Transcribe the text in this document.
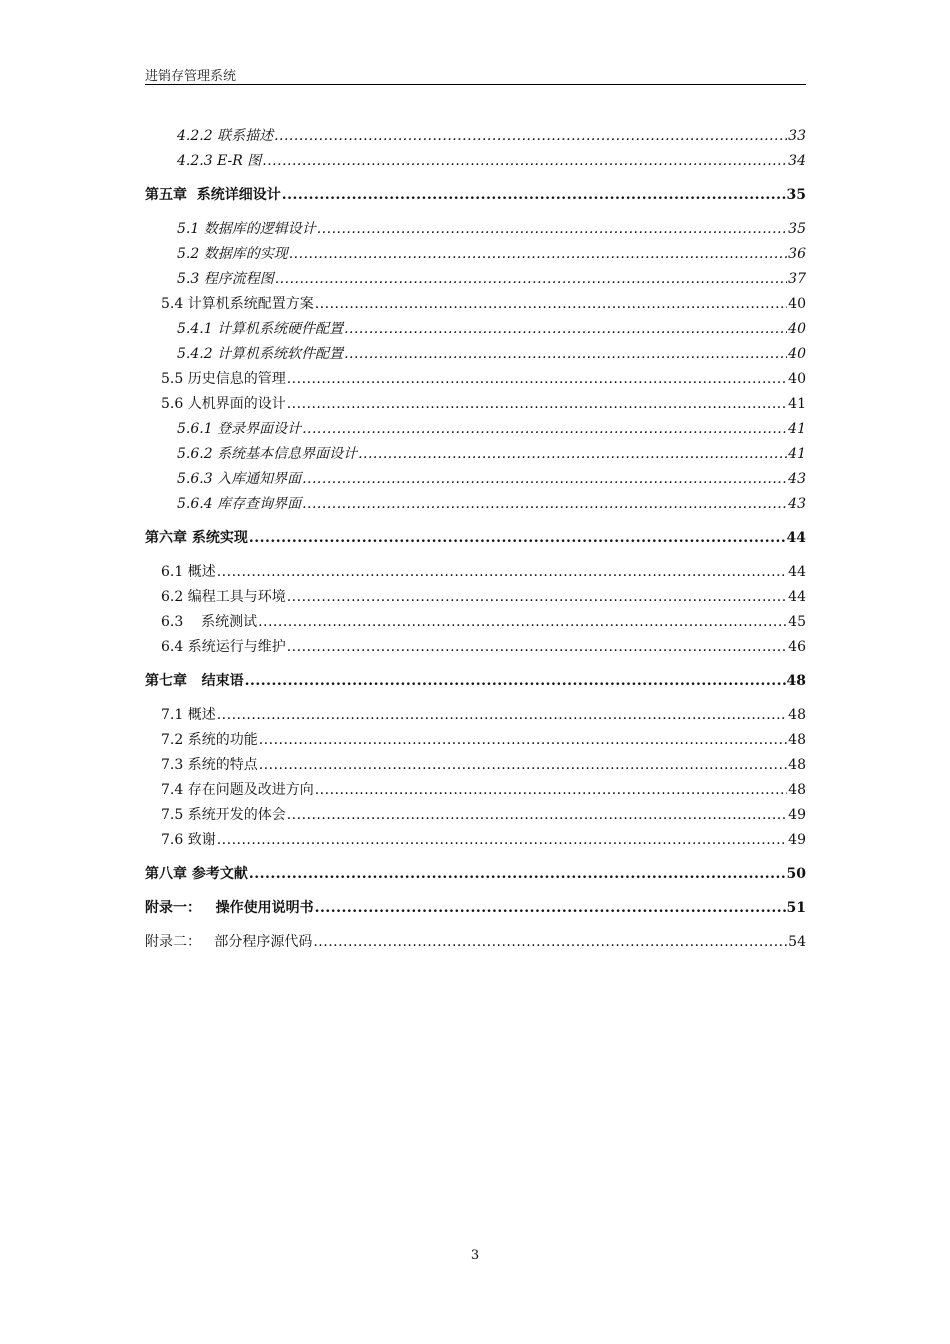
进销存管理系统
4.2.2 联系描述 .....	33
4.2.3 E-R 图 .....	34
第五章  系统详细设计 .....	35
5.1 数据库的逻辑设计 .....	35
5.2 数据库的实现 .....	36
5.3 程序流程图 .....	37
5.4 计算机系统配置方案 .....	40
5.4.1 计算机系统硬件配置 .....	40
5.4.2 计算机系统软件配置 .....	40
5.5 历史信息的管理 .....	40
5.6 人机界面的设计 .....	41
5.6.1 登录界面设计 .....	41
5.6.2 系统基本信息界面设计 .....	41
5.6.3 入库通知界面 .....	43
5.6.4 库存查询界面 .....	43
第六章 系统实现 .....	44
6.1 概述 .....	44
6.2 编程工具与环境 .....	44
6.3    系统测试 .....	45
6.4 系统运行与维护 .....	46
第七章   结束语 .....	48
7.1 概述 .....	48
7.2 系统的功能 .....	48
7.3 系统的特点 .....	48
7.4 存在问题及改进方向 .....	48
7.5 系统开发的体会 .....	49
7.6 致谢 .....	49
第八章 参考文献 .....	50
附录一：   操作使用说明书 .....	51
附录二：   部分程序源代码 .....	54
3
